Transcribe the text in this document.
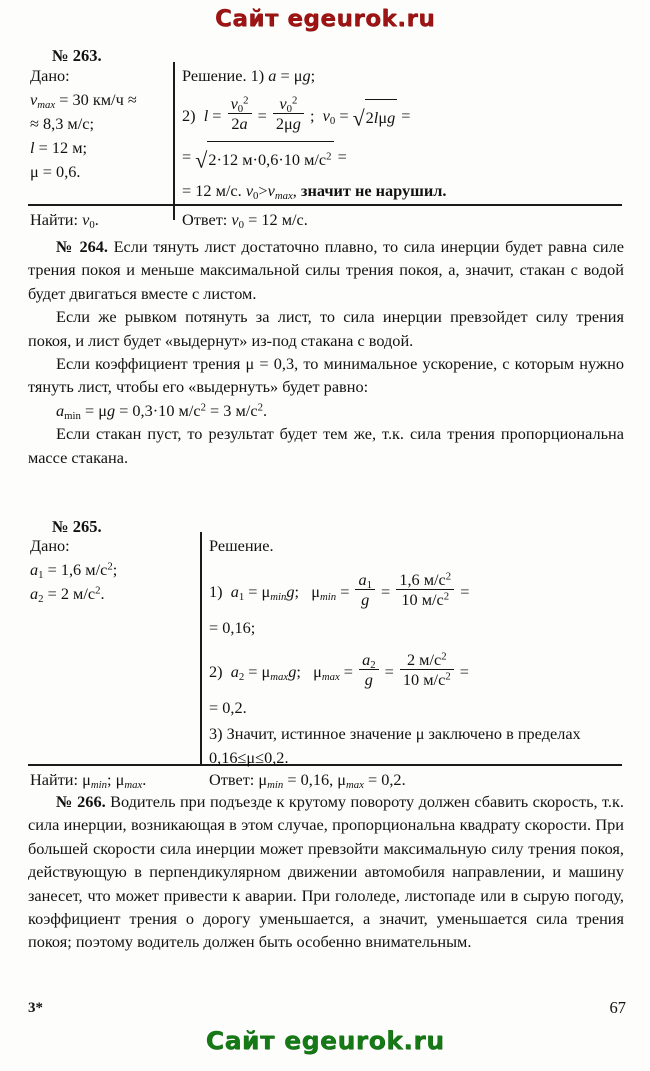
Сайт egeurok.ru
№ 263.
Дано:
$v_{max} = 30$ км/ч ≈
≈ 8,3 м/с;
l = 12 м;
μ = 0,6.
Найти: $v_0$.
Решение. 1) a = μg;
2)  $l = \frac{v_0^2}{2a} = \frac{v_0^2}{2\mu g}$ ;  $v_0 = √2l\mu g$ =
= √2·12 м·0,6·10 $м/с^2$ =
= 12 м/с. $v_0>v_{max}$, значит не нарушил.
Ответ: $v_0 = 12$ м/с.

№ 264. Если тянуть лист достаточно плавно, то сила инерции будет равна силе трения покоя и меньше максимальной силы трения покоя, а, значит, стакан с водой будет двигаться вместе с листом.

Если же рывком потянуть за лист, то сила инерции превзойдет силу трения покоя, и лист будет «выдернут» из-под стакана с водой.

Если коэффициент трения μ = 0,3, то минимальное ускорение, с которым нужно тянуть лист, чтобы его «выдернуть» будет равно:

$a_{min} = \mu g = 0,3\cdot 10$ $м/с^2 = 3$ $м/с^2$.

Если стакан пуст, то результат будет тем же, т.к. сила трения пропорциональна массе стакана.

№ 265.
Дано:
$a_1 = 1,6$ $м/с^2$;
$a_2 = 2$ $м/с^2$.
Найти: $\mu_{min}$; $\mu_{max}$.
Решение.
1)  $a_1 = \mu_{min}g$;   $\mu_{min} = \frac{a_1}{g} = \frac{1,6 м/с^2}{10 м/с^2}$ =
= 0,16;
2)  $a_2 = \mu_{max}g$;   $\mu_{max} = \frac{a_2}{g} = \frac{2 м/с^2}{10 м/с^2}$ =
= 0,2.
3) Значит, истинное значение μ заключено в пределах 0,16≤μ≤0,2.
Ответ: $\mu_{min} = 0,16$, $\mu_{max} = 0,2$.

№ 266. Водитель при подъезде к крутому повороту должен сбавить скорость, т.к. сила инерции, возникающая в этом случае, пропорциональна квадрату скорости. При большей скорости сила инерции может превзойти максимальную силу трения покоя, действующую в перпендикулярном движении автомобиля направлении, и машину занесет, что может привести к аварии. При гололеде, листопаде или в сырую погоду, коэффициент трения о дорогу уменьшается, а значит, уменьшается сила трения покоя; поэтому водитель должен быть особенно внимательным.

3*	67
Сайт egeurok.ru
